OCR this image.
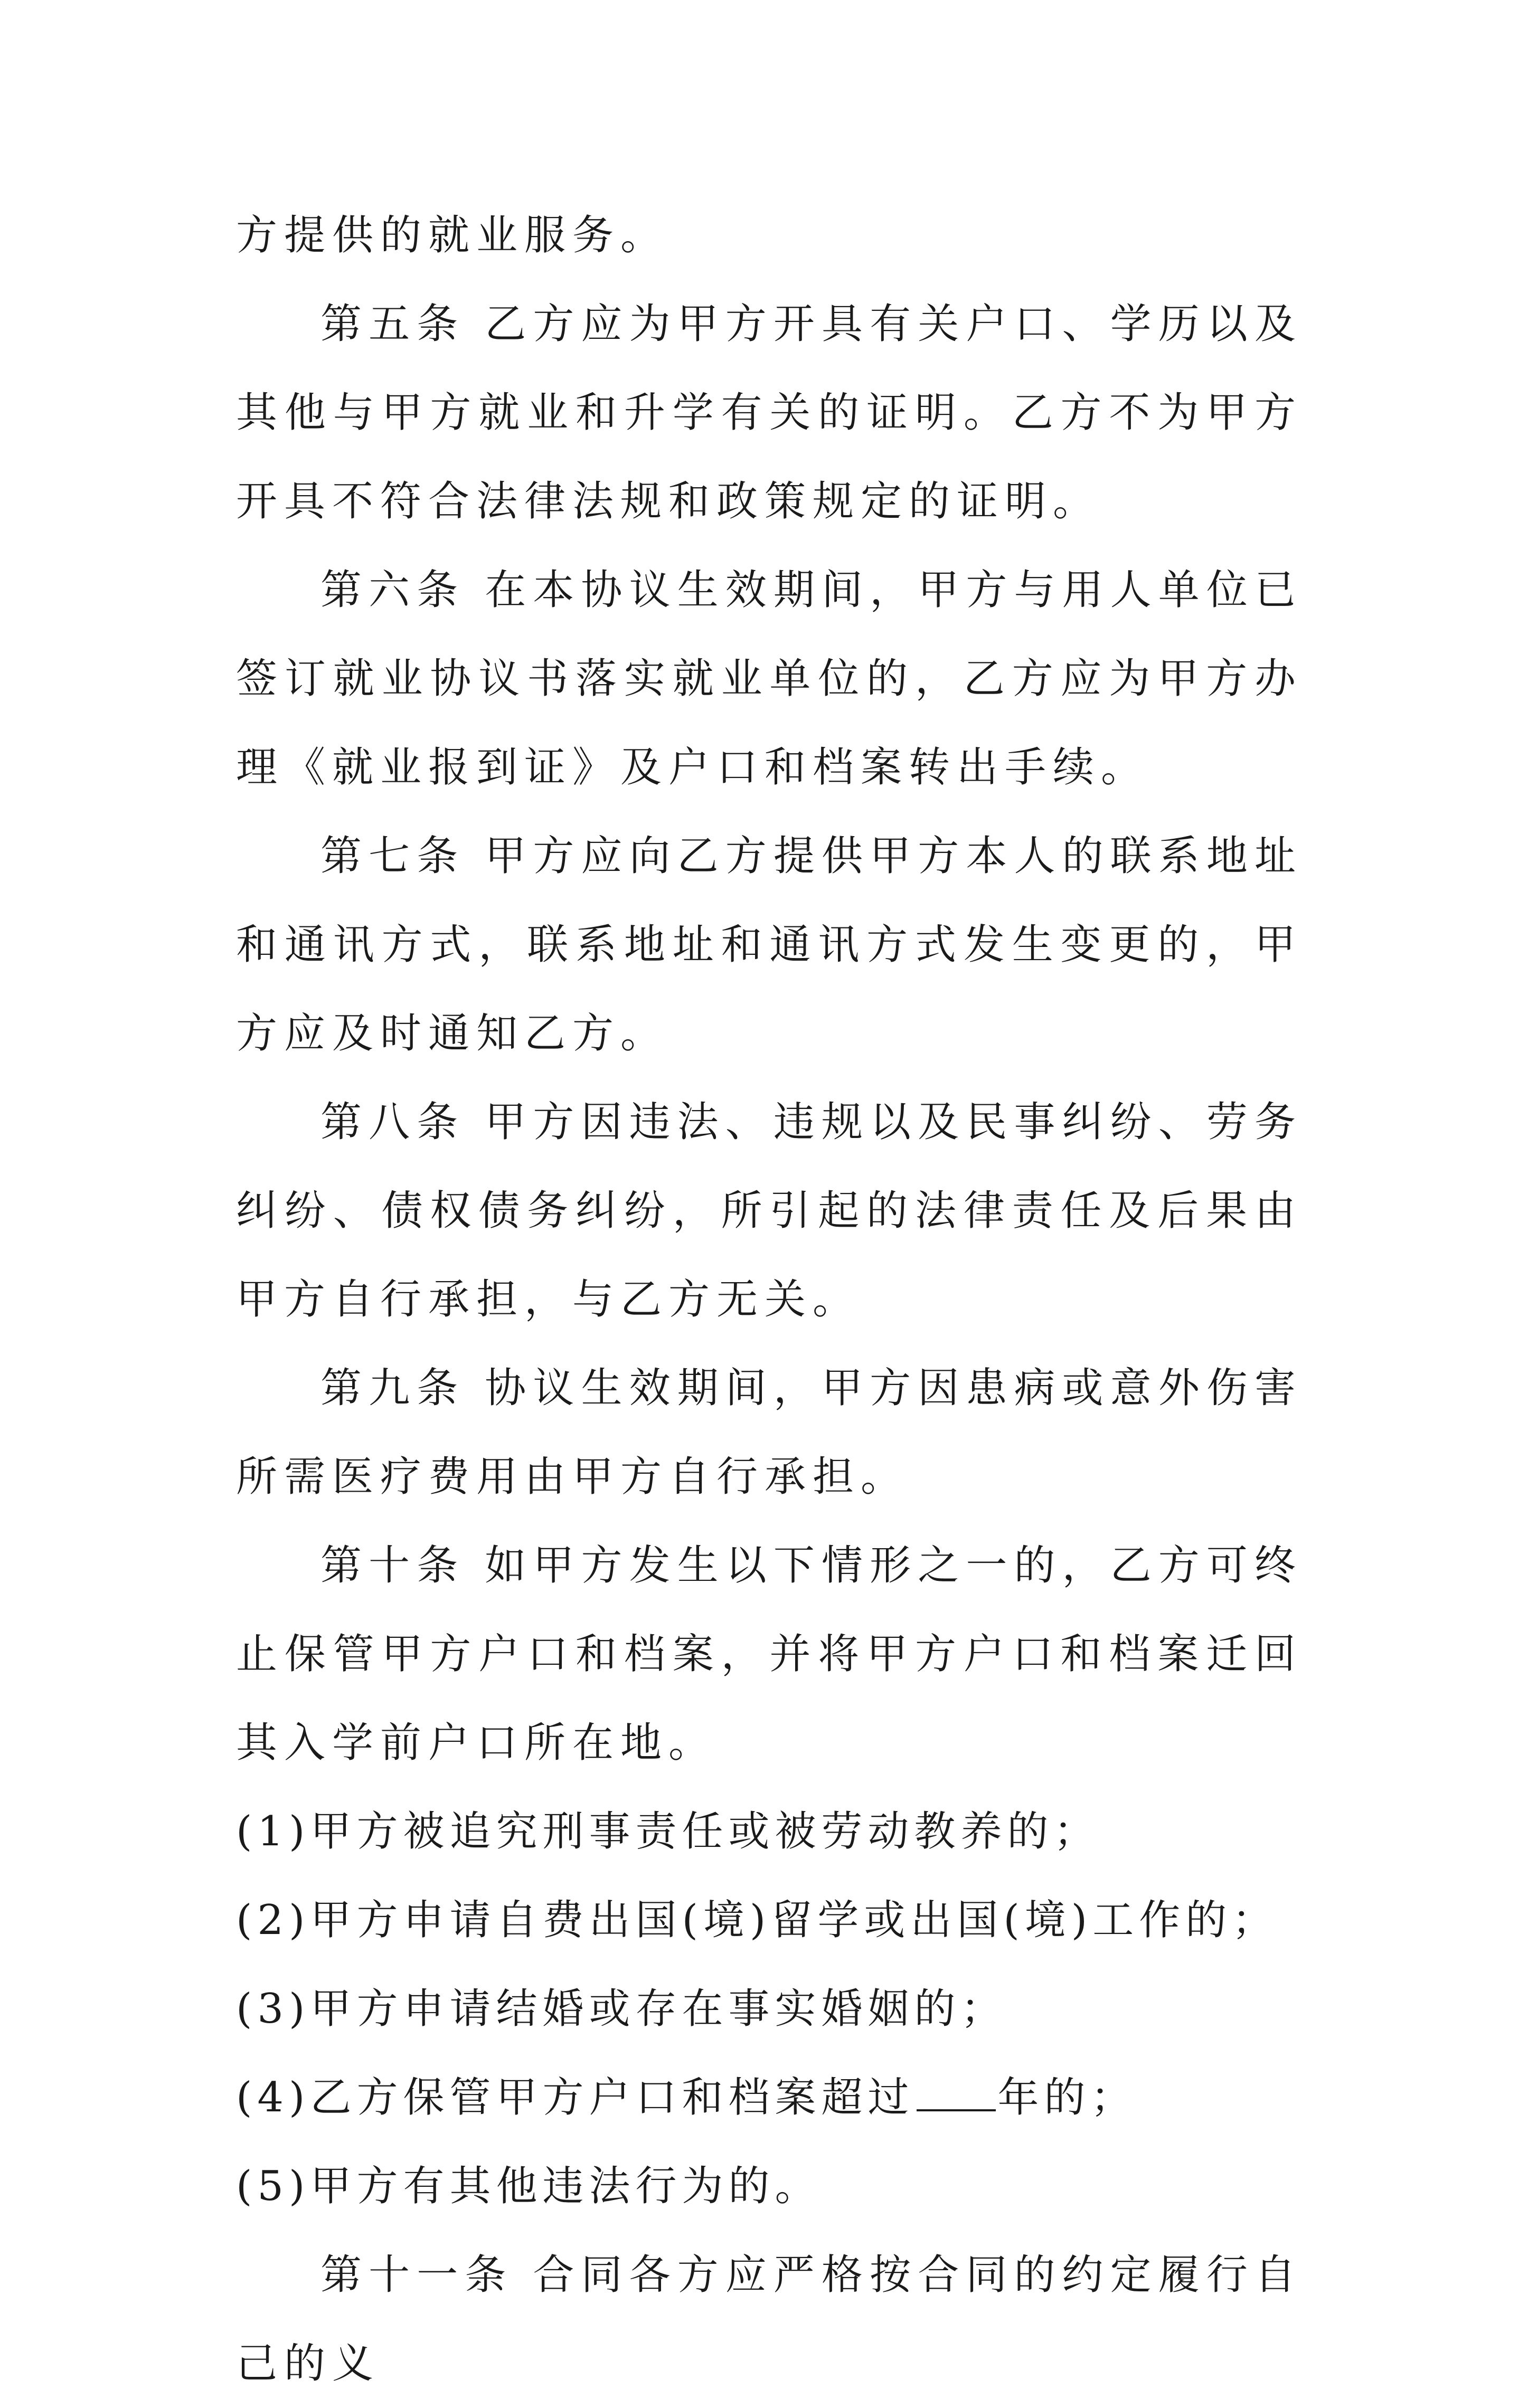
方提供的就业服务。

第五条 乙方应为甲方开具有关户口、学历以及其他与甲方就业和升学有关的证明。乙方不为甲方开具不符合法律法规和政策规定的证明。

第六条 在本协议生效期间，甲方与用人单位已签订就业协议书落实就业单位的，乙方应为甲方办理《就业报到证》及户口和档案转出手续。

第七条 甲方应向乙方提供甲方本人的联系地址和通讯方式，联系地址和通讯方式发生变更的，甲方应及时通知乙方。

第八条 甲方因违法、违规以及民事纠纷、劳务纠纷、债权债务纠纷，所引起的法律责任及后果由甲方自行承担，与乙方无关。

第九条 协议生效期间，甲方因患病或意外伤害所需医疗费用由甲方自行承担。

第十条 如甲方发生以下情形之一的，乙方可终止保管甲方户口和档案，并将甲方户口和档案迁回其入学前户口所在地。

(1)甲方被追究刑事责任或被劳动教养的；

(2)甲方申请自费出国(境)留学或出国(境)工作的；

(3)甲方申请结婚或存在事实婚姻的；

(4)乙方保管甲方户口和档案超过 年的；

(5)甲方有其他违法行为的。

第十一条 合同各方应严格按合同的约定履行自己的义
